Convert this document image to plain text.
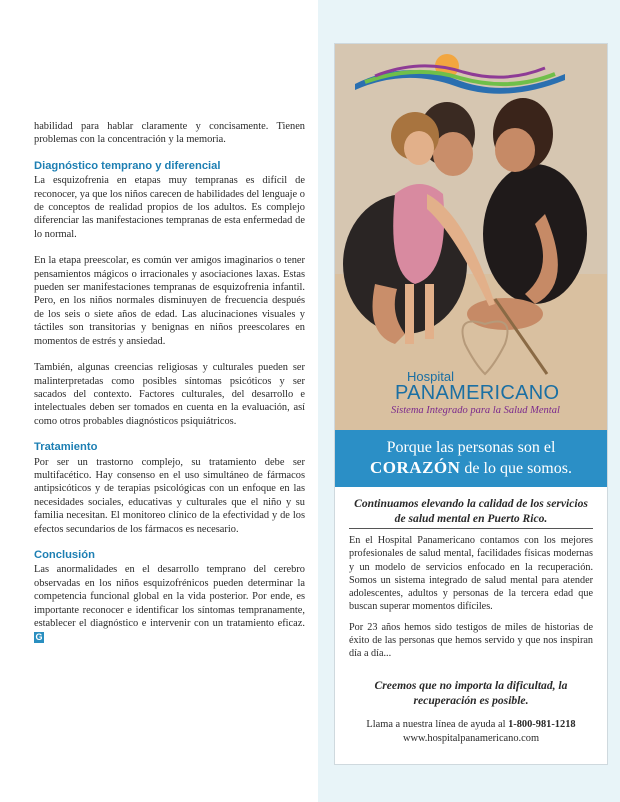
habilidad para hablar claramente y concisamente. Tienen problemas con la concentración y la memoria.

Diagnóstico temprano y diferencial

La esquizofrenia en etapas muy tempranas es difícil de reconocer, ya que los niños carecen de habilidades del lenguaje o de conceptos de realidad propios de los adultos. Es complejo diferenciar las manifestaciones tempranas de esta enfermedad de lo normal.

En la etapa preescolar, es común ver amigos imaginarios o tener pensamientos mágicos o irracionales y asociaciones laxas. Estas pueden ser manifestaciones tempranas de esquizofrenia infantil. Pero, en los niños normales disminuyen de frecuencia después de los seis o siete años de edad. Las alucinaciones visuales y táctiles son transitorias y benignas en niños preescolares en momentos de estrés y ansiedad.

También, algunas creencias religiosas y culturales pueden ser malinterpretadas como posibles síntomas psicóticos y ser sacados del contexto. Factores culturales, del desarrollo e intelectuales deben ser tomados en cuenta en la evaluación, así como otros probables diagnósticos psiquiátricos.

Tratamiento

Por ser un trastorno complejo, su tratamiento debe ser multifacético. Hay consenso en el uso simultáneo de fármacos antipsicóticos y de terapias psicológicas con un enfoque en las necesidades sociales, educativas y culturales que el niño y su familia necesitan. El monitoreo clínico de la efectividad y de los efectos secundarios de los fármacos es necesario.

Conclusión

Las anormalidades en el desarrollo temprano del cerebro observadas en los niños esquizofrénicos pueden determinar la competencia funcional global en la vida posterior. Por ende, es importante reconocer e identificar los síntomas tempranamente, establecer el diagnóstico e intervenir con un tratamiento eficaz. G

Hospital
PANAMERICANO
Sistema Integrado para la Salud Mental
Porque las personas son el
CORAZÓN de lo que somos.
Continuamos elevando la calidad de los servicios de salud mental en Puerto Rico.

En el Hospital Panamericano contamos con los mejores profesionales de salud mental, facilidades físicas modernas y un modelo de servicios enfocado en la recuperación. Somos un sistema integrado de salud mental para atender adolescentes, adultos y personas de la tercera edad que buscan superar momentos difíciles.

Por 23 años hemos sido testigos de miles de historias de éxito de las personas que hemos servido y que nos inspiran día a día...

Creemos que no importa la dificultad, la recuperación es posible.
Llama a nuestra línea de ayuda al 1-800-981-1218
www.hospitalpanamericano.com
